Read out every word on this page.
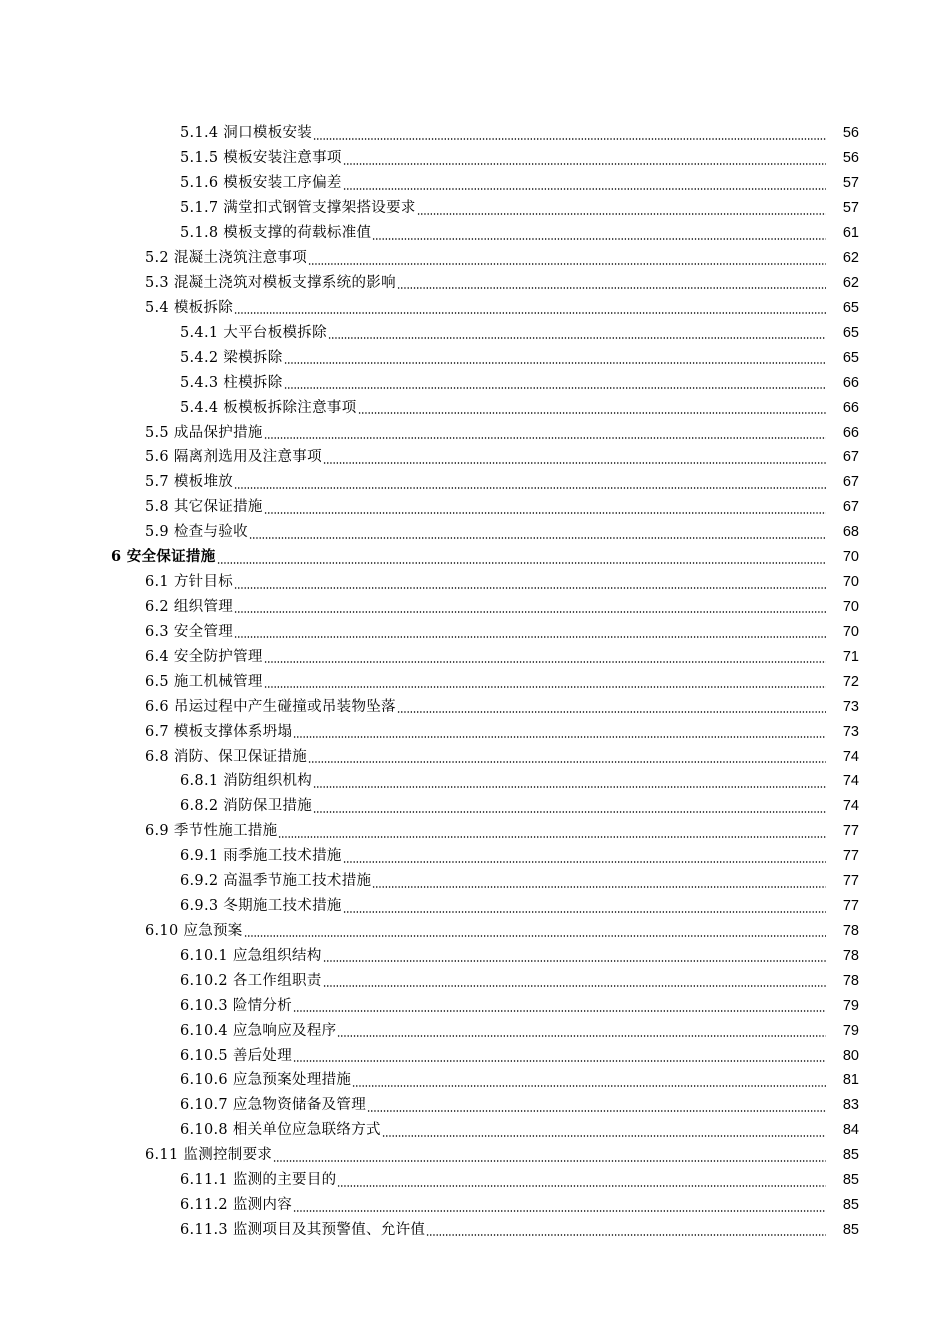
5.1.4 洞口模板安装	56
5.1.5 模板安装注意事项	56
5.1.6 模板安装工序偏差	57
5.1.7 满堂扣式钢管支撑架搭设要求	57
5.1.8 模板支撑的荷载标准值	61
5.2 混凝土浇筑注意事项	62
5.3 混凝土浇筑对模板支撑系统的影响	62
5.4 模板拆除	65
5.4.1 大平台板模拆除	65
5.4.2 梁模拆除	65
5.4.3 柱模拆除	66
5.4.4 板模板拆除注意事项	66
5.5 成品保护措施	66
5.6 隔离剂选用及注意事项	67
5.7 模板堆放	67
5.8 其它保证措施	67
5.9 检查与验收	68
6 安全保证措施	70
6.1 方针目标	70
6.2 组织管理	70
6.3 安全管理	70
6.4 安全防护管理	71
6.5 施工机械管理	72
6.6 吊运过程中产生碰撞或吊装物坠落	73
6.7 模板支撑体系坍塌	73
6.8 消防、保卫保证措施	74
6.8.1 消防组织机构	74
6.8.2 消防保卫措施	74
6.9 季节性施工措施	77
6.9.1 雨季施工技术措施	77
6.9.2 高温季节施工技术措施	77
6.9.3 冬期施工技术措施	77
6.10 应急预案	78
6.10.1 应急组织结构	78
6.10.2 各工作组职责	78
6.10.3 险情分析	79
6.10.4 应急响应及程序	79
6.10.5 善后处理	80
6.10.6 应急预案处理措施	81
6.10.7 应急物资储备及管理	83
6.10.8 相关单位应急联络方式	84
6.11 监测控制要求	85
6.11.1 监测的主要目的	85
6.11.2 监测内容	85
6.11.3 监测项目及其预警值、允许值	85
